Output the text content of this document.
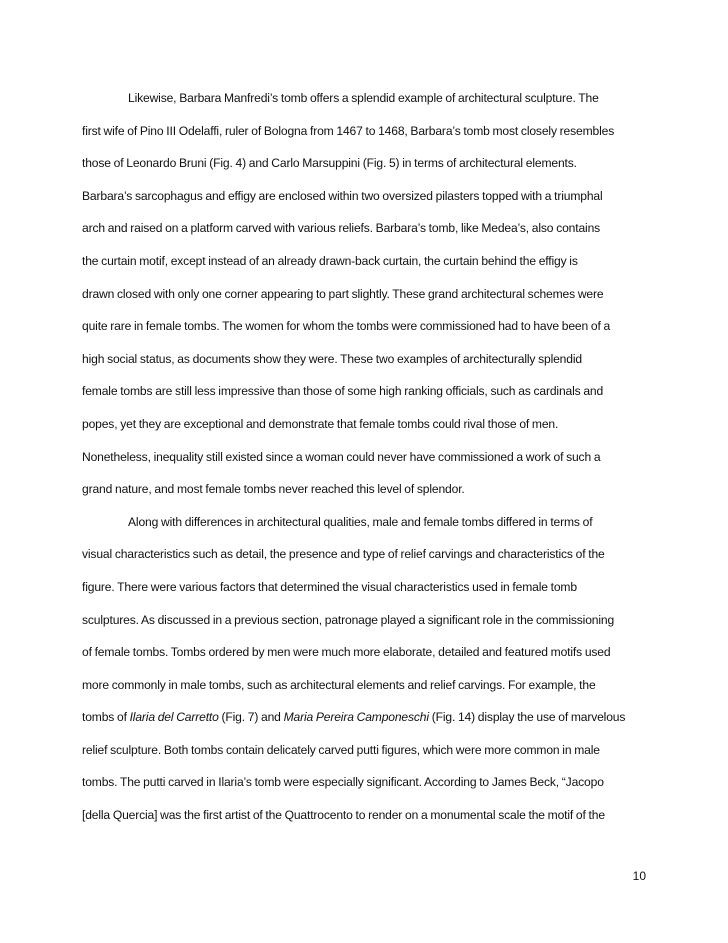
Likewise, Barbara Manfredi’s tomb offers a splendid example of architectural sculpture. The
first wife of Pino III Odelaffi, ruler of Bologna from 1467 to 1468, Barbara’s tomb most closely resembles
those of Leonardo Bruni (Fig. 4) and Carlo Marsuppini (Fig. 5) in terms of architectural elements.
Barbara’s sarcophagus and effigy are enclosed within two oversized pilasters topped with a triumphal
arch and raised on a platform carved with various reliefs. Barbara’s tomb, like Medea’s, also contains
the curtain motif, except instead of an already drawn-back curtain, the curtain behind the effigy is
drawn closed with only one corner appearing to part slightly. These grand architectural schemes were
quite rare in female tombs. The women for whom the tombs were commissioned had to have been of a
high social status, as documents show they were. These two examples of architecturally splendid
female tombs are still less impressive than those of some high ranking officials, such as cardinals and
popes, yet they are exceptional and demonstrate that female tombs could rival those of men.
Nonetheless, inequality still existed since a woman could never have commissioned a work of such a
grand nature, and most female tombs never reached this level of splendor.
Along with differences in architectural qualities, male and female tombs differed in terms of
visual characteristics such as detail, the presence and type of relief carvings and characteristics of the
figure. There were various factors that determined the visual characteristics used in female tomb
sculptures. As discussed in a previous section, patronage played a significant role in the commissioning
of female tombs. Tombs ordered by men were much more elaborate, detailed and featured motifs used
more commonly in male tombs, such as architectural elements and relief carvings. For example, the
tombs of Ilaria del Carretto (Fig. 7) and Maria Pereira Camponeschi (Fig. 14) display the use of marvelous
relief sculpture. Both tombs contain delicately carved putti figures, which were more common in male
tombs. The putti carved in Ilaria’s tomb were especially significant. According to James Beck, “Jacopo
[della Quercia] was the first artist of the Quattrocento to render on a monumental scale the motif of the
10
